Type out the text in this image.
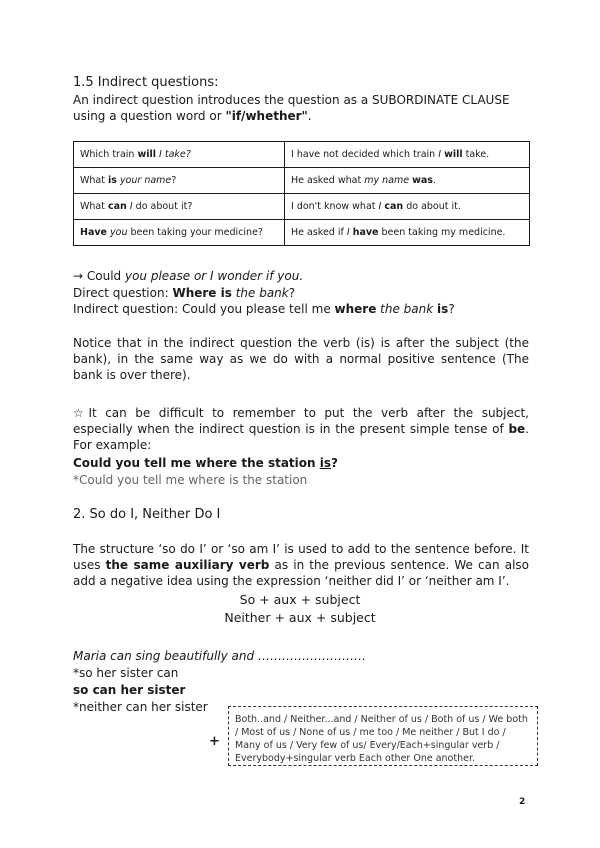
1.5 Indirect questions:
An indirect question introduces the question as a SUBORDINATE CLAUSE
using a question word or "if/whether".
Which train will I take?	I have not decided which train I will take.
What is your name?	He asked what my name was.
What can I do about it?	I don't know what I can do about it.
Have you been taking your medicine?	He asked if I have been taking my medicine.
→ Could you please or I wonder if you.
Direct question: Where is the bank?
Indirect question: Could you please tell me where the bank is?
Notice that in the indirect question the verb (is) is after the subject (the bank), in the same way as we do with a normal positive sentence (The bank is over there).
☆It can be difficult to remember to put the verb after the subject, especially when the indirect question is in the present simple tense of be. For example:
Could you tell me where the station is?
*Could you tell me where is the station
2. So do I, Neither Do I
The structure ‘so do I’ or ‘so am I’ is used to add to the sentence before. It uses the same auxiliary verb as in the previous sentence. We can also add a negative idea using the expression ‘neither did I’ or ‘neither am I’.
So + aux + subject
Neither + aux + subject
Maria can sing beautifully and ………………………
*so her sister can
so can her sister
*neither can her sister
+
Both..and / Neither...and / Neither of us / Both of us / We both / Most of us / None of us / me too / Me neither / But I do / Many of us / Very few of us/ Every/Each+singular verb / Everybody+singular verb Each other One another.
2
